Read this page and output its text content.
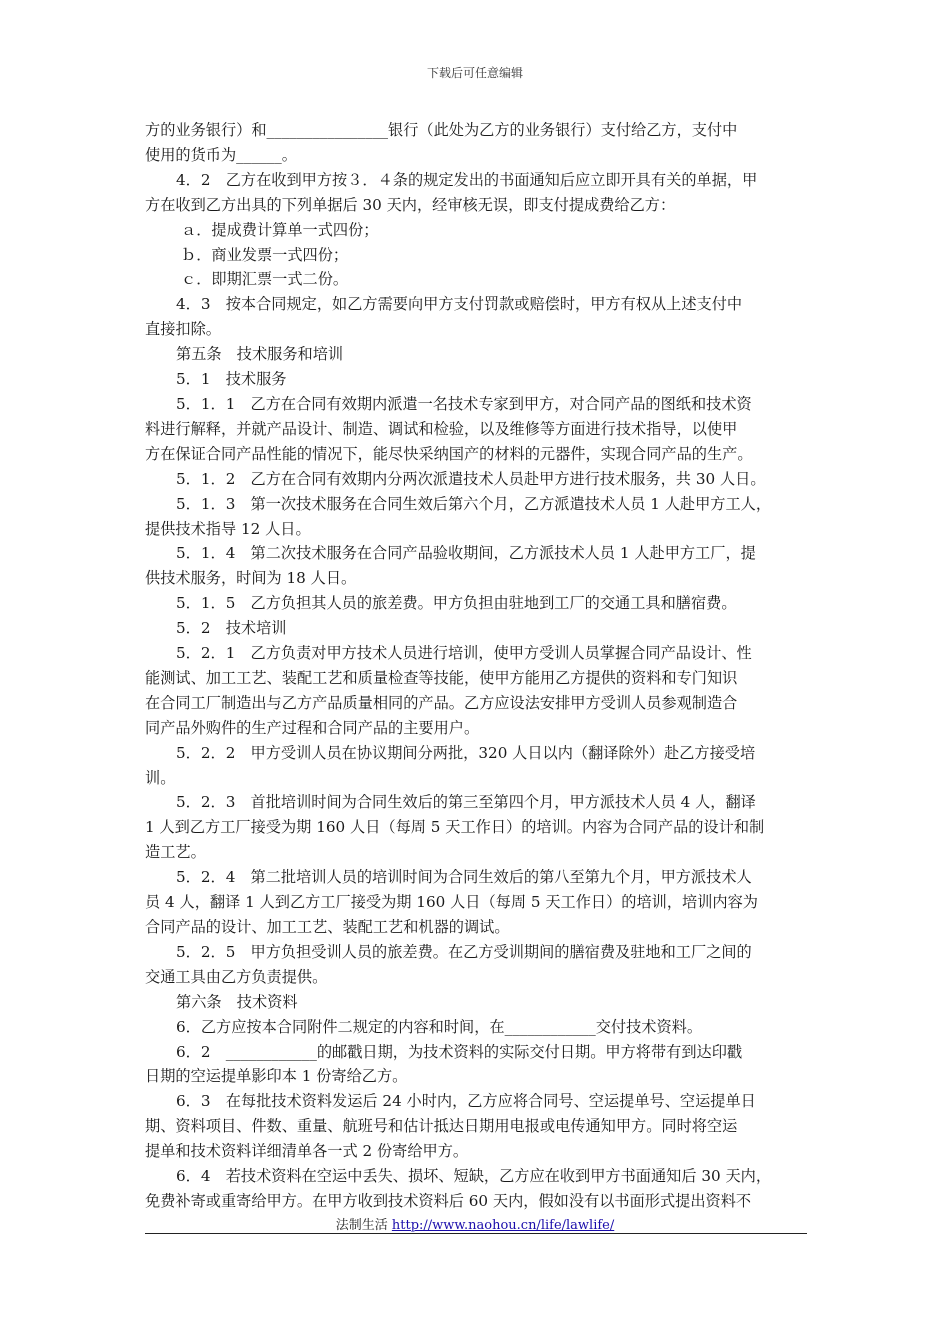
下载后可任意编辑

方的业务银行）和________________银行（此处为乙方的业务银行）支付给乙方，支付中

使用的货币为______。

4．2　乙方在收到甲方按３．４条的规定发出的书面通知后应立即开具有关的单据，甲

方在收到乙方出具的下列单据后 30 天内，经审核无误，即支付提成费给乙方：

ａ．提成费计算单一式四份；

ｂ．商业发票一式四份；

ｃ．即期汇票一式二份。

4．3　按本合同规定，如乙方需要向甲方支付罚款或赔偿时，甲方有权从上述支付中

直接扣除。

第五条　技术服务和培训

5．1　技术服务

5．1．1　乙方在合同有效期内派遣一名技术专家到甲方，对合同产品的图纸和技术资

料进行解释，并就产品设计、制造、调试和检验，以及维修等方面进行技术指导，以使甲

方在保证合同产品性能的情况下，能尽快采纳国产的材料的元器件，实现合同产品的生产。

5．1．2　乙方在合同有效期内分两次派遣技术人员赴甲方进行技术服务，共 30 人日。

5．1．3　第一次技术服务在合同生效后第六个月，乙方派遣技术人员 1 人赴甲方工人，

提供技术指导 12 人日。

5．1．4　第二次技术服务在合同产品验收期间，乙方派技术人员 1 人赴甲方工厂，提

供技术服务，时间为 18 人日。

5．1．5　乙方负担其人员的旅差费。甲方负担由驻地到工厂的交通工具和膳宿费。

5．2　技术培训

5．2．1　乙方负责对甲方技术人员进行培训，使甲方受训人员掌握合同产品设计、性

能测试、加工工艺、装配工艺和质量检查等技能，使甲方能用乙方提供的资料和专门知识

在合同工厂制造出与乙方产品质量相同的产品。乙方应设法安排甲方受训人员参观制造合

同产品外购件的生产过程和合同产品的主要用户。

5．2．2　甲方受训人员在协议期间分两批，320 人日以内（翻译除外）赴乙方接受培

训。

5．2．3　首批培训时间为合同生效后的第三至第四个月，甲方派技术人员 4 人，翻译

1 人到乙方工厂接受为期 160 人日（每周 5 天工作日）的培训。内容为合同产品的设计和制

造工艺。

5．2．4　第二批培训人员的培训时间为合同生效后的第八至第九个月，甲方派技术人

员 4 人，翻译 1 人到乙方工厂接受为期 160 人日（每周 5 天工作日）的培训，培训内容为

合同产品的设计、加工工艺、装配工艺和机器的调试。

5．2．5　甲方负担受训人员的旅差费。在乙方受训期间的膳宿费及驻地和工厂之间的

交通工具由乙方负责提供。

第六条　技术资料

6．乙方应按本合同附件二规定的内容和时间，在____________交付技术资料。

6．2　____________的邮戳日期，为技术资料的实际交付日期。甲方将带有到达印戳

日期的空运提单影印本 1 份寄给乙方。

6．3　在每批技术资料发运后 24 小时内，乙方应将合同号、空运提单号、空运提单日

期、资料项目、件数、重量、航班号和估计抵达日期用电报或电传通知甲方。同时将空运

提单和技术资料详细清单各一式 2 份寄给甲方。

6．4　若技术资料在空运中丢失、损坏、短缺，乙方应在收到甲方书面通知后 30 天内，

免费补寄或重寄给甲方。在甲方收到技术资料后 60 天内，假如没有以书面形式提出资料不

法制生活 http://www.naohou.cn/life/lawlife/
